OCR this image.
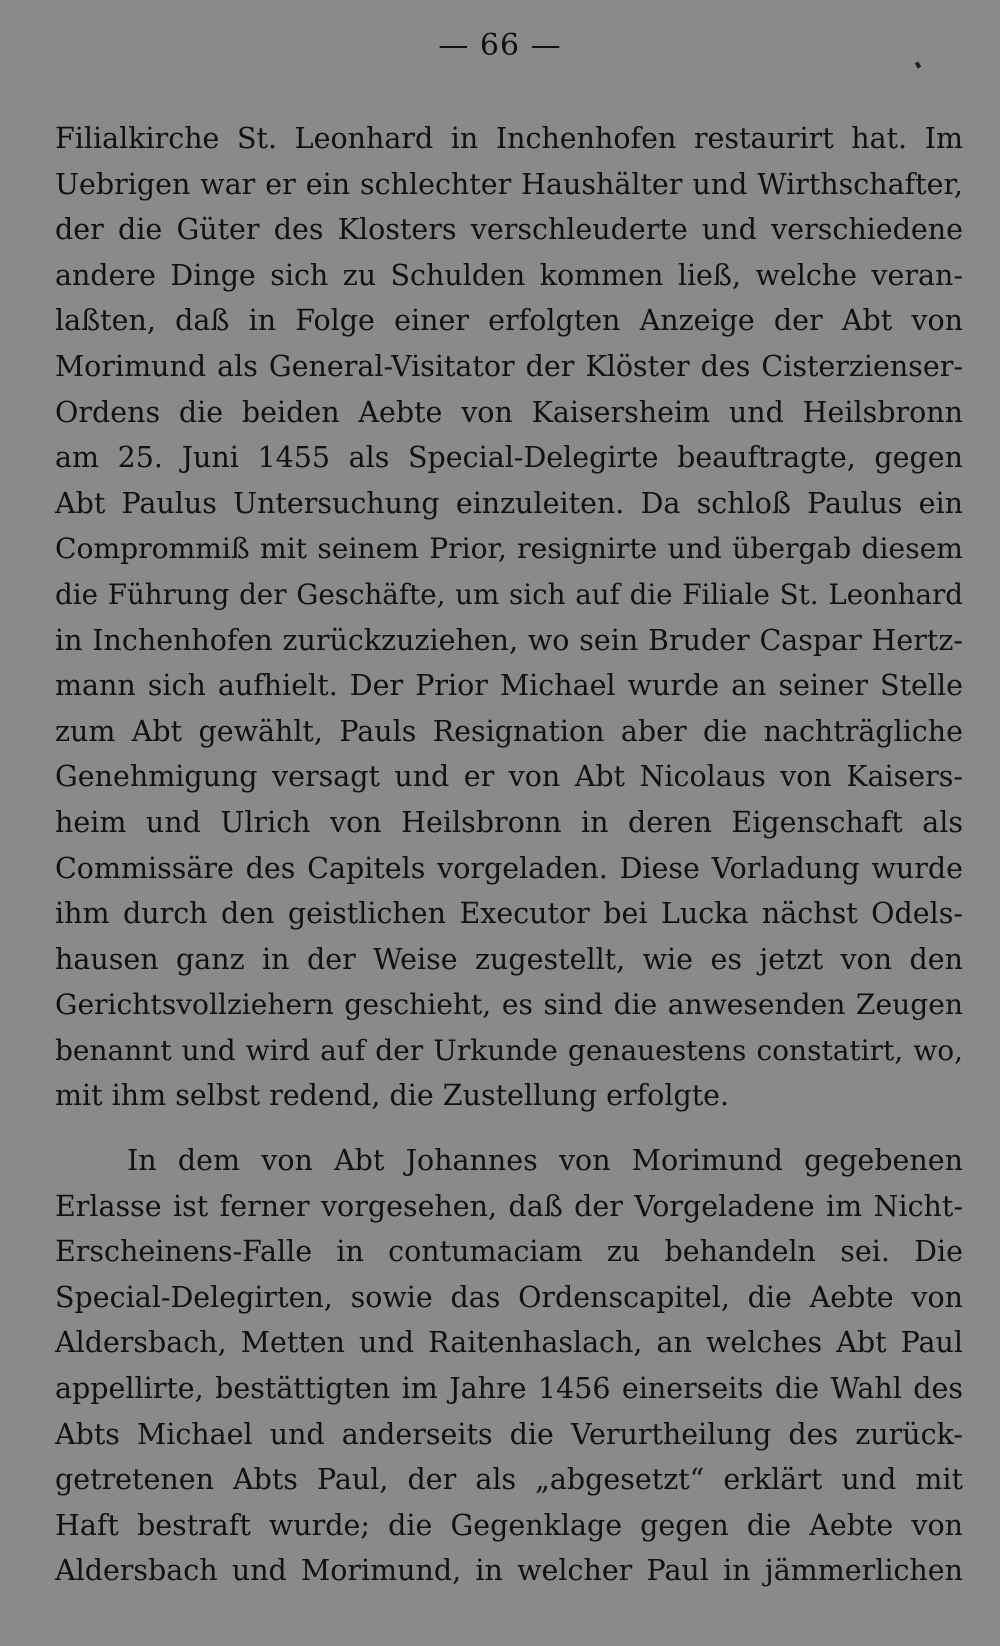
— 66 —
Filialkirche St. Leonhard in Inchenhofen restaurirt hat. Im
Uebrigen war er ein schlechter Haushälter und Wirthschafter,
der die Güter des Klosters verschleuderte und verschiedene
andere Dinge sich zu Schulden kommen ließ, welche veran-
laßten, daß in Folge einer erfolgten Anzeige der Abt von
Morimund als General-Visitator der Klöster des Cisterzienser-
Ordens die beiden Aebte von Kaisersheim und Heilsbronn
am 25. Juni 1455 als Special-Delegirte beauftragte, gegen
Abt Paulus Untersuchung einzuleiten. Da schloß Paulus ein
Comprommiß mit seinem Prior, resignirte und übergab diesem
die Führung der Geschäfte, um sich auf die Filiale St. Leonhard
in Inchenhofen zurückzuziehen, wo sein Bruder Caspar Hertz-
mann sich aufhielt. Der Prior Michael wurde an seiner Stelle
zum Abt gewählt, Pauls Resignation aber die nachträgliche
Genehmigung versagt und er von Abt Nicolaus von Kaisers-
heim und Ulrich von Heilsbronn in deren Eigenschaft als
Commissäre des Capitels vorgeladen. Diese Vorladung wurde
ihm durch den geistlichen Executor bei Lucka nächst Odels-
hausen ganz in der Weise zugestellt, wie es jetzt von den
Gerichtsvollziehern geschieht, es sind die anwesenden Zeugen
benannt und wird auf der Urkunde genauestens constatirt, wo,
mit ihm selbst redend, die Zustellung erfolgte.
In dem von Abt Johannes von Morimund gegebenen
Erlasse ist ferner vorgesehen, daß der Vorgeladene im Nicht-
Erscheinens-Falle in contumaciam zu behandeln sei. Die
Special-Delegirten, sowie das Ordenscapitel, die Aebte von
Aldersbach, Metten und Raitenhaslach, an welches Abt Paul
appellirte, bestättigten im Jahre 1456 einerseits die Wahl des
Abts Michael und anderseits die Verurtheilung des zurück-
getretenen Abts Paul, der als „abgesetzt“ erklärt und mit
Haft bestraft wurde; die Gegenklage gegen die Aebte von
Aldersbach und Morimund, in welcher Paul in jämmerlichen
